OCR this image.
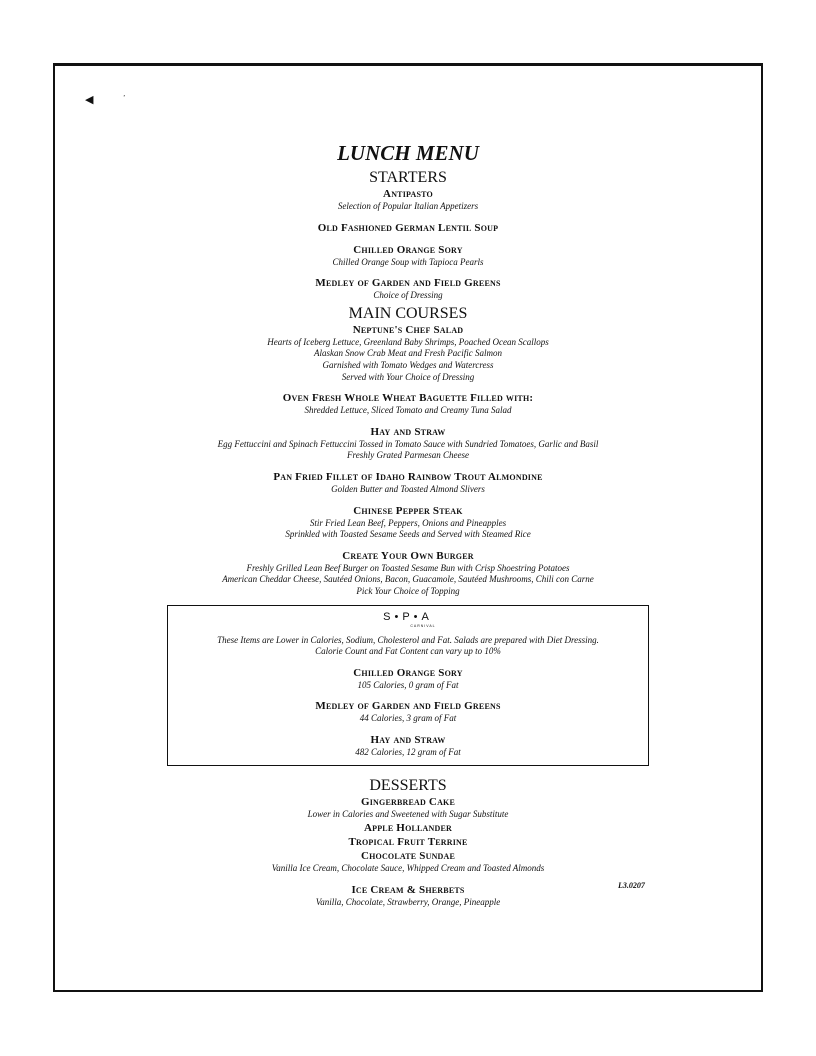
◀	ʼ
LUNCH MENU
STARTERS
Antipasto
Selection of Popular Italian Appetizers
Old Fashioned German Lentil Soup
Chilled Orange Sory
Chilled Orange Soup with Tapioca Pearls
Medley of Garden and Field Greens
Choice of Dressing
MAIN COURSES
Neptune's Chef Salad
Hearts of Iceberg Lettuce, Greenland Baby Shrimps, Poached Ocean Scallops
Alaskan Snow Crab Meat and Fresh Pacific Salmon
Garnished with Tomato Wedges and Watercress
Served with Your Choice of Dressing
Oven Fresh Whole Wheat Baguette Filled with:
Shredded Lettuce, Sliced Tomato and Creamy Tuna Salad
Hay and Straw
Egg Fettuccini and Spinach Fettuccini Tossed in Tomato Sauce with Sundried Tomatoes, Garlic and Basil
Freshly Grated Parmesan Cheese
Pan Fried Fillet of Idaho Rainbow Trout Almondine
Golden Butter and Toasted Almond Slivers
Chinese Pepper Steak
Stir Fried Lean Beef, Peppers, Onions and Pineapples
Sprinkled with Toasted Sesame Seeds and Served with Steamed Rice
Create Your Own Burger
Freshly Grilled Lean Beef Burger on Toasted Sesame Bun with Crisp Shoestring Potatoes
American Cheddar Cheese, Sautéed Onions, Bacon, Guacamole, Sautéed Mushrooms, Chili con Carne
Pick Your Choice of Topping
S•P•A
CARNIVAL
These Items are Lower in Calories, Sodium, Cholesterol and Fat. Salads are prepared with Diet Dressing.
Calorie Count and Fat Content can vary up to 10%
Chilled Orange Sory
105 Calories, 0 gram of Fat
Medley of Garden and Field Greens
44 Calories, 3 gram of Fat
Hay and Straw
482 Calories, 12 gram of Fat
DESSERTS
Gingerbread Cake
Lower in Calories and Sweetened with Sugar Substitute
Apple Hollander
Tropical Fruit Terrine
Chocolate Sundae
Vanilla Ice Cream, Chocolate Sauce, Whipped Cream and Toasted Almonds
Ice Cream & Sherbets
Vanilla, Chocolate, Strawberry, Orange, Pineapple
L3.0207
